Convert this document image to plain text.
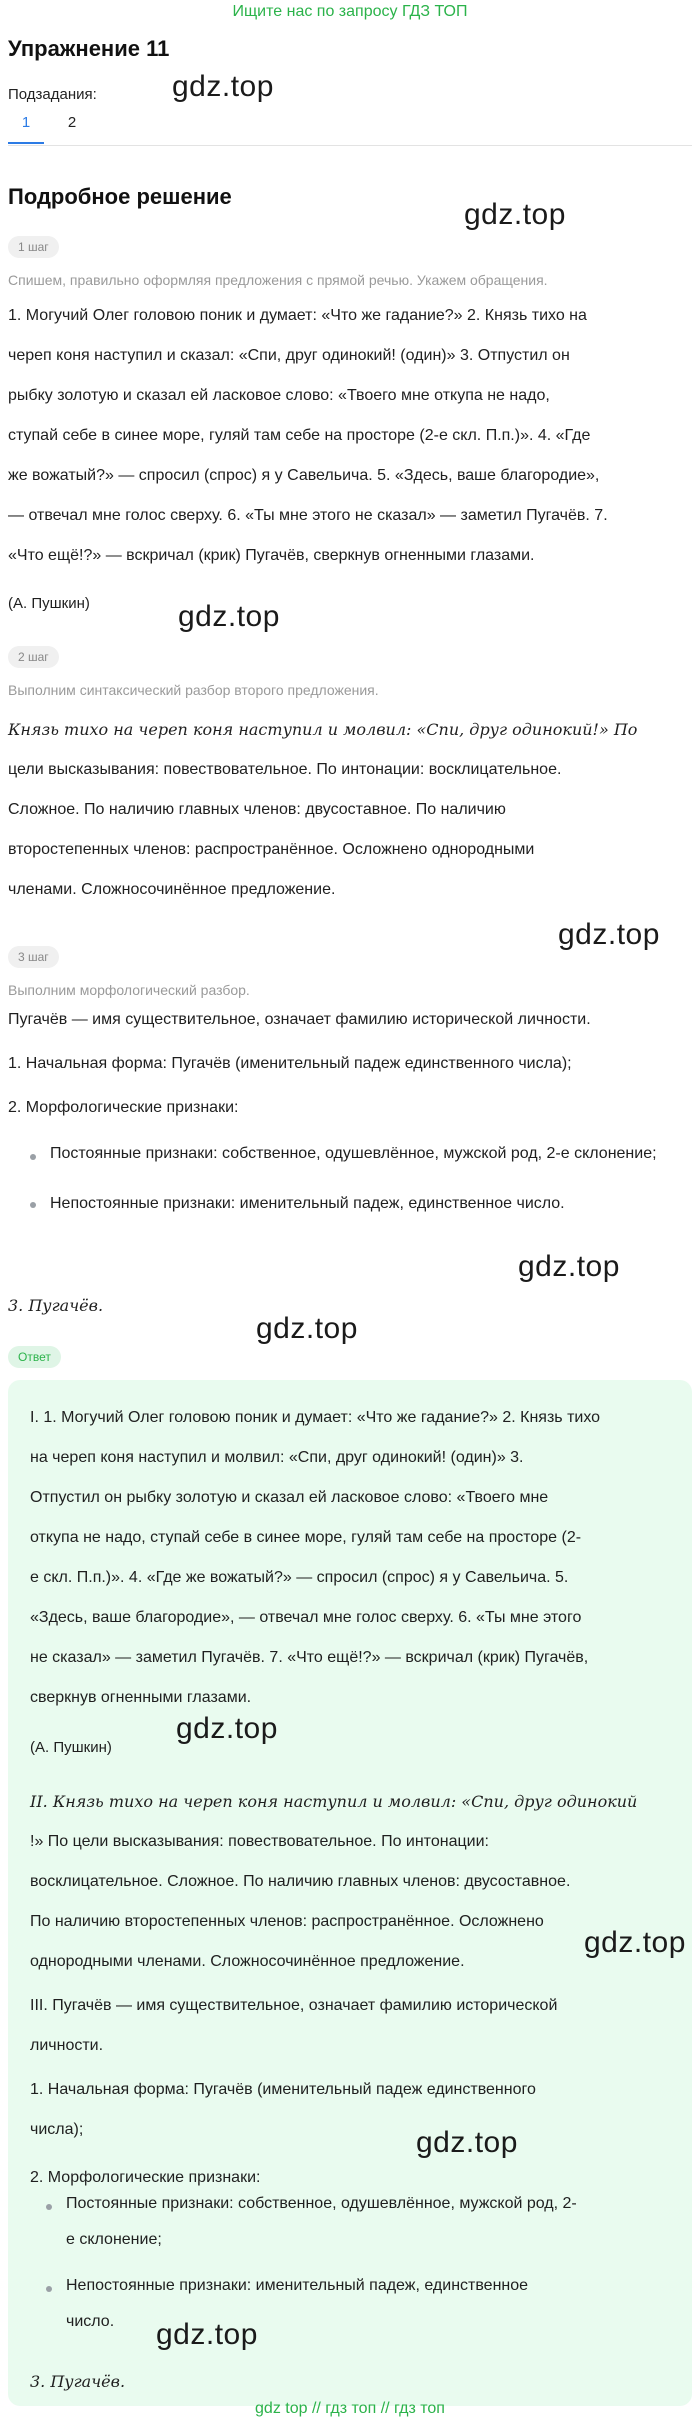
Ищите нас по запросу ГДЗ ТОП
Упражнение 11
Подзадания:
1	2
Подробное решение
gdz.top
gdz.top
gdz.top
gdz.top
gdz.top
gdz.top
1 шаг
Спишем, правильно оформляя предложения с прямой речью. Укажем обращения.
1. Могучий Олег головою поник и думает: «Что же гадание?» 2. Князь тихо на
череп коня наступил и сказал: «Спи, друг одинокий! (один)» 3. Отпустил он
рыбку золотую и сказал ей ласковое слово: «Твоего мне откупа не надо,
ступай себе в синее море, гуляй там себе на просторе (2-е скл. П.п.)». 4. «Где
же вожатый?» — спросил (спрос) я у Савельича. 5. «Здесь, ваше благородие»,
— отвечал мне голос сверху. 6. «Ты мне этого не сказал» — заметил Пугачёв. 7.
«Что ещё!?» — вскричал (крик) Пугачёв, сверкнув огненными глазами.
(А. Пушкин)
2 шаг
Выполним синтаксический разбор второго предложения.
Князь тихо на череп коня наступил и молвил: «Спи, друг одинокий!» По
цели высказывания: повествовательное. По интонации: восклицательное.
Сложное. По наличию главных членов: двусоставное. По наличию
второстепенных членов: распространённое. Осложнено однородными
членами. Сложносочинённое предложение.
3 шаг
Выполним морфологический разбор.
Пугачёв — имя существительное, означает фамилию исторической личности.
1. Начальная форма: Пугачёв (именительный падеж единственного числа);
2. Морфологические признаки:
Постоянные признаки: собственное, одушевлённое, мужской род, 2-е склонение;
Непостоянные признаки: именительный падеж, единственное число.
3. Пугачёв.
Ответ
I. 1. Могучий Олег головою поник и думает: «Что же гадание?» 2. Князь тихо
на череп коня наступил и молвил: «Спи, друг одинокий! (один)» 3.
Отпустил он рыбку золотую и сказал ей ласковое слово: «Твоего мне
откупа не надо, ступай себе в синее море, гуляй там себе на просторе (2-
е скл. П.п.)». 4. «Где же вожатый?» — спросил (спрос) я у Савельича. 5.
«Здесь, ваше благородие», — отвечал мне голос сверху. 6. «Ты мне этого
не сказал» — заметил Пугачёв. 7. «Что ещё!?» — вскричал (крик) Пугачёв,
сверкнув огненными глазами.
(А. Пушкин)
II. Князь тихо на череп коня наступил и молвил: «Спи, друг одинокий
!» По цели высказывания: повествовательное. По интонации:
восклицательное. Сложное. По наличию главных членов: двусоставное.
По наличию второстепенных членов: распространённое. Осложнено
однородными членами. Сложносочинённое предложение.
III. Пугачёв — имя существительное, означает фамилию исторической
личности.
1. Начальная форма: Пугачёв (именительный падеж единственного
числа);
2. Морфологические признаки:
Постоянные признаки: собственное, одушевлённое, мужской род, 2-
е склонение;
Непостоянные признаки: именительный падеж, единственное
число.
3. Пугачёв.
gdz.top
gdz.top
gdz.top
gdz.top
gdz top // гдз топ // гдз топ
